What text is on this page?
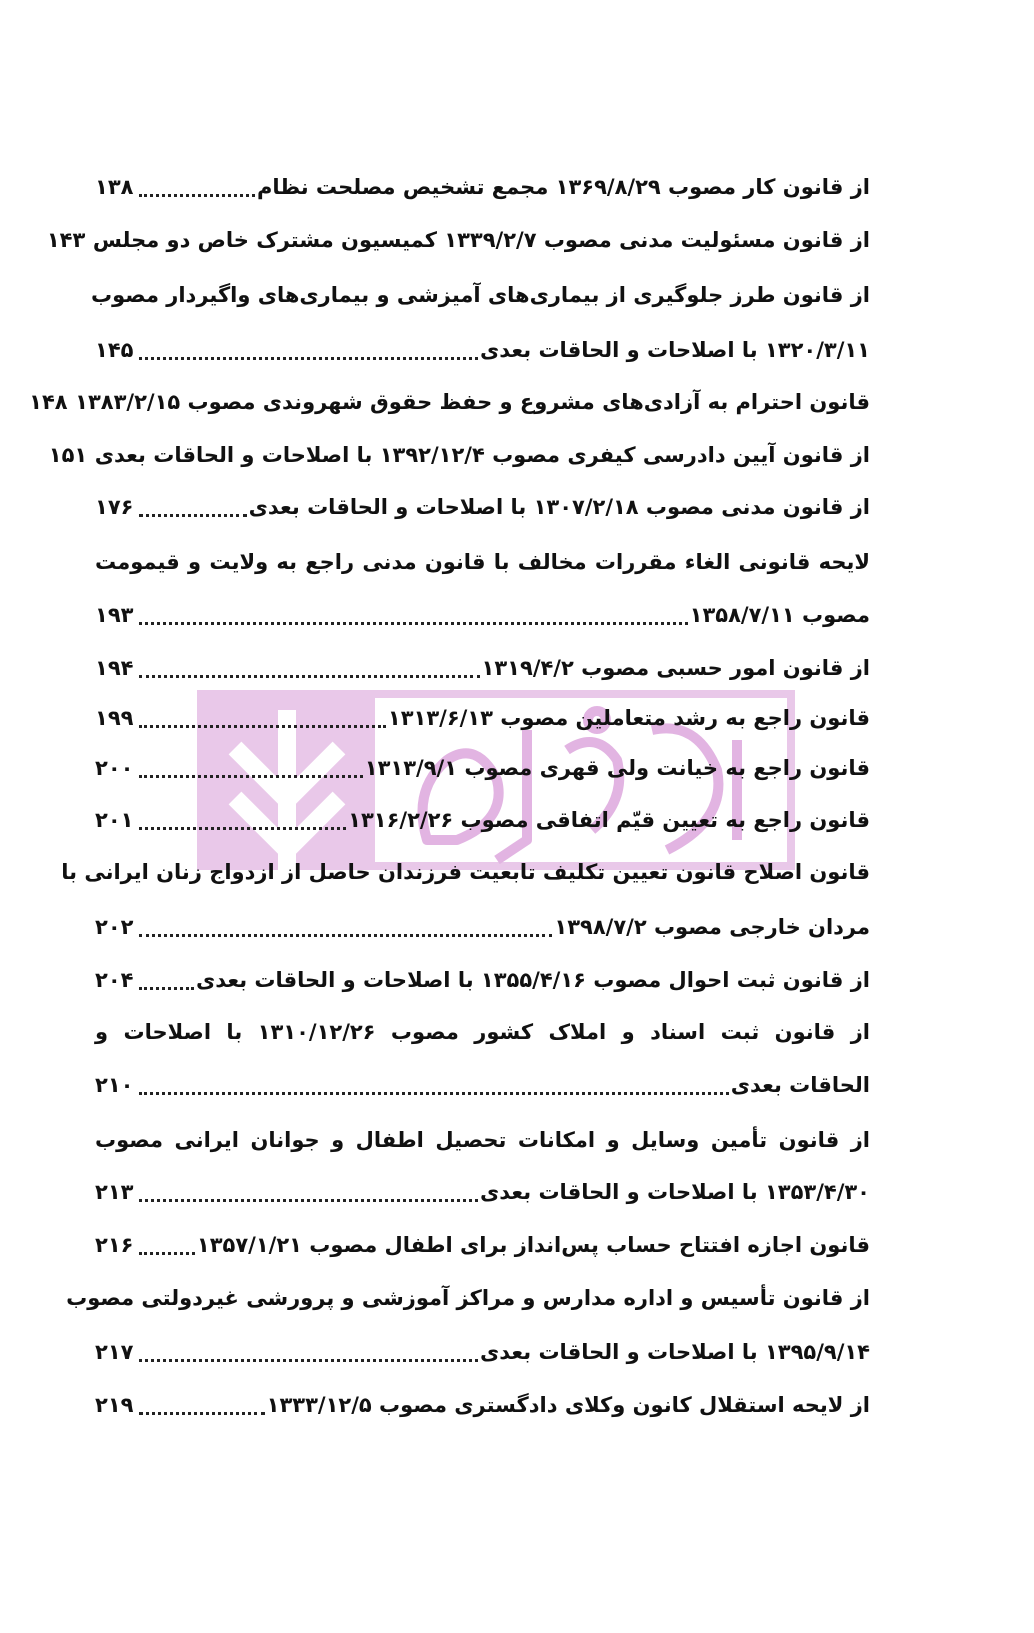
از قانون کار مصوب ۱۳۶۹/۸/۲۹ مجمع تشخیص مصلحت نظام
۱۳۸
از قانون مسئولیت مدنی مصوب ۱۳۳۹/۲/۷ کمیسیون مشترک خاص دو مجلس
۱۴۳
از قانون طرز جلوگیری از بیماری‌های آمیزشی و بیماری‌های واگیردار مصوب
۱۳۲۰/۳/۱۱ با اصلاحات و الحاقات بعدی
۱۴۵
قانون احترام به آزادی‌های مشروع و حفظ حقوق شهروندی مصوب ۱۳۸۳/۲/۱۵
۱۴۸
از قانون آیین دادرسی کیفری مصوب ۱۳۹۲/۱۲/۴ با اصلاحات و الحاقات بعدی
۱۵۱
از قانون مدنی مصوب ۱۳۰۷/۲/۱۸ با اصلاحات و الحاقات بعدی
۱۷۶
لایحه قانونی الغاء مقررات مخالف با قانون مدنی راجع به ولایت و قیمومت
مصوب ۱۳۵۸/۷/۱۱
۱۹۳
از قانون امور حسبی مصوب ۱۳۱۹/۴/۲
۱۹۴
قانون راجع به رشد متعاملین مصوب ۱۳۱۳/۶/۱۳
۱۹۹
قانون راجع به خیانت ولی قهری مصوب ۱۳۱۳/۹/۱
۲۰۰
قانون راجع به تعیین قیّم اتفاقی مصوب ۱۳۱۶/۲/۲۶
۲۰۱
قانون اصلاح قانون تعیین تکلیف تابعیت فرزندان حاصل از ازدواج زنان ایرانی با
مردان خارجی مصوب ۱۳۹۸/۷/۲
۲۰۲
از قانون ثبت احوال مصوب ۱۳۵۵/۴/۱۶ با اصلاحات و الحاقات بعدی
۲۰۴
از قانون ثبت اسناد و املاک کشور مصوب ۱۳۱۰/۱۲/۲۶ با اصلاحات و
الحاقات بعدی
۲۱۰
از قانون تأمین وسایل و امکانات تحصیل اطفال و جوانان ایرانی مصوب
۱۳۵۳/۴/۳۰ با اصلاحات و الحاقات بعدی
۲۱۳
قانون اجازه افتتاح حساب پس‌انداز برای اطفال مصوب ۱۳۵۷/۱/۲۱
۲۱۶
از قانون تأسیس و اداره مدارس و مراکز آموزشی و پرورشی غیردولتی مصوب
۱۳۹۵/۹/۱۴ با اصلاحات و الحاقات بعدی
۲۱۷
از لایحه استقلال کانون وکلای دادگستری مصوب ۱۳۳۳/۱۲/۵
۲۱۹
